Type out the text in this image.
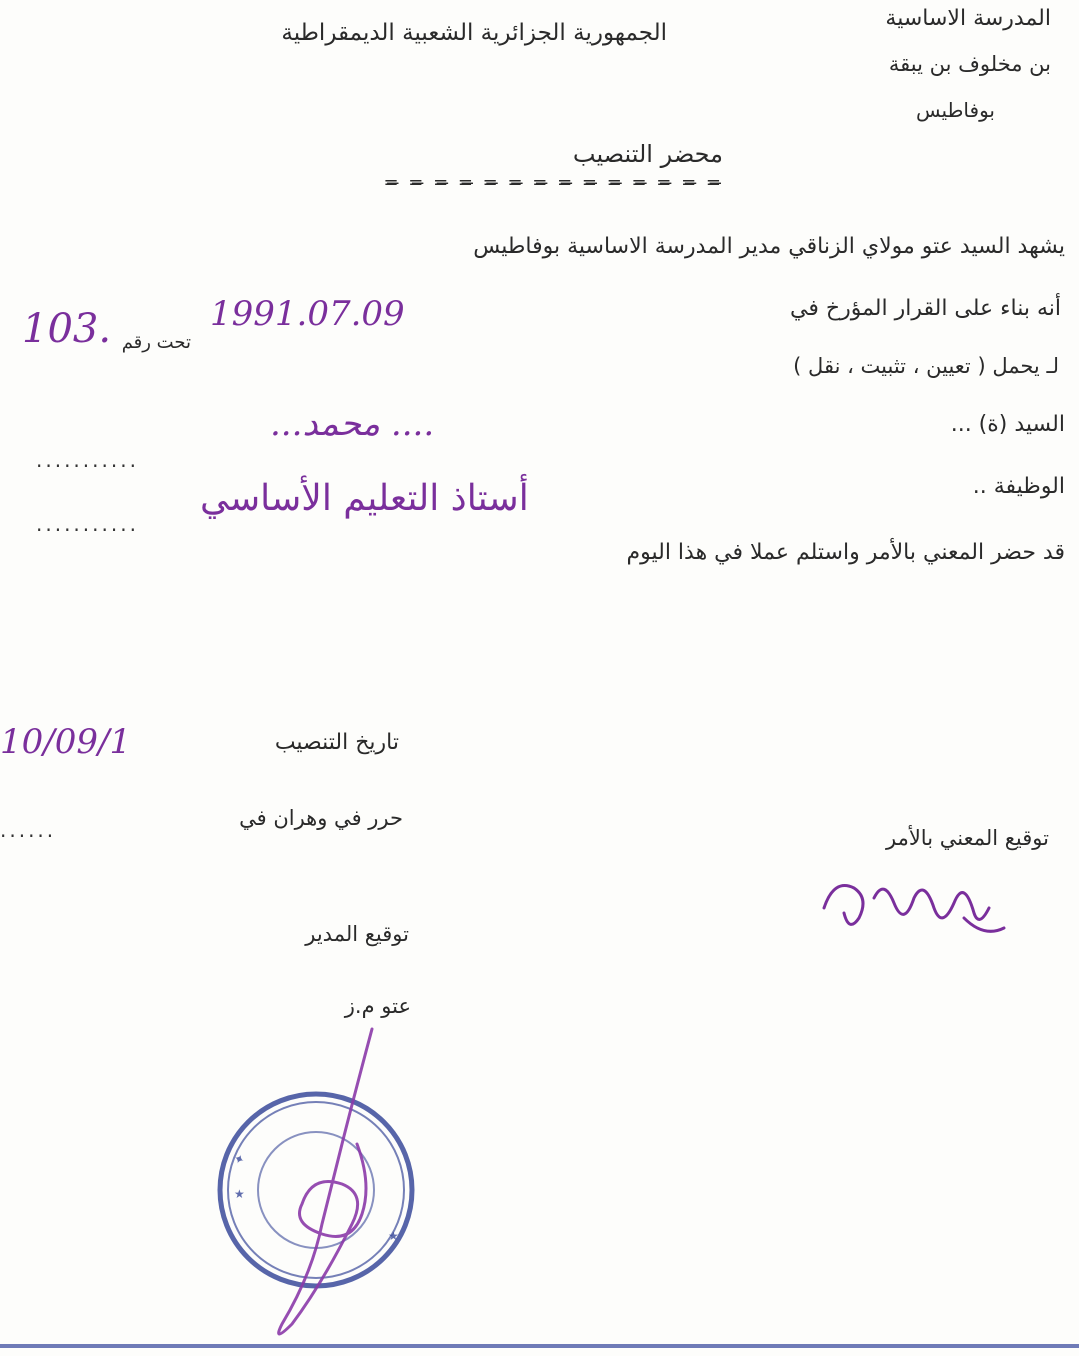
المدرسة الاساسية
بن مخلوف بن يبقة
بوفاطيس
الجمهورية الجزائرية الشعبية الديمقراطية
محضر التنصيب
=̶ =̶ =̶ =̶ =̶ =̶ =̶ =̶ =̶ =̶ =̶ =̶ =̶ =̶
يشهد السيد عتو مولاي الزناقي مدير المدرسة الاساسية بوفاطيس
أنه بناء على القرار المؤرخ في
1991.07.09
تحت رقم
103.
لـ يحمل ( تعيين ، تثبيت ، نقل )
السيد (ة) ...
...محمد ....
...........
الوظيفة ..
أستاذ التعليم الأساسي
...........
قد حضر المعني بالأمر واستلم عملا في هذا اليوم
تاريخ التنصيب
10/09/1
حرر في وهران في
......	توقيع المعني بالأمر
توقيع المدير
عتو م.ز
✦
★
★
